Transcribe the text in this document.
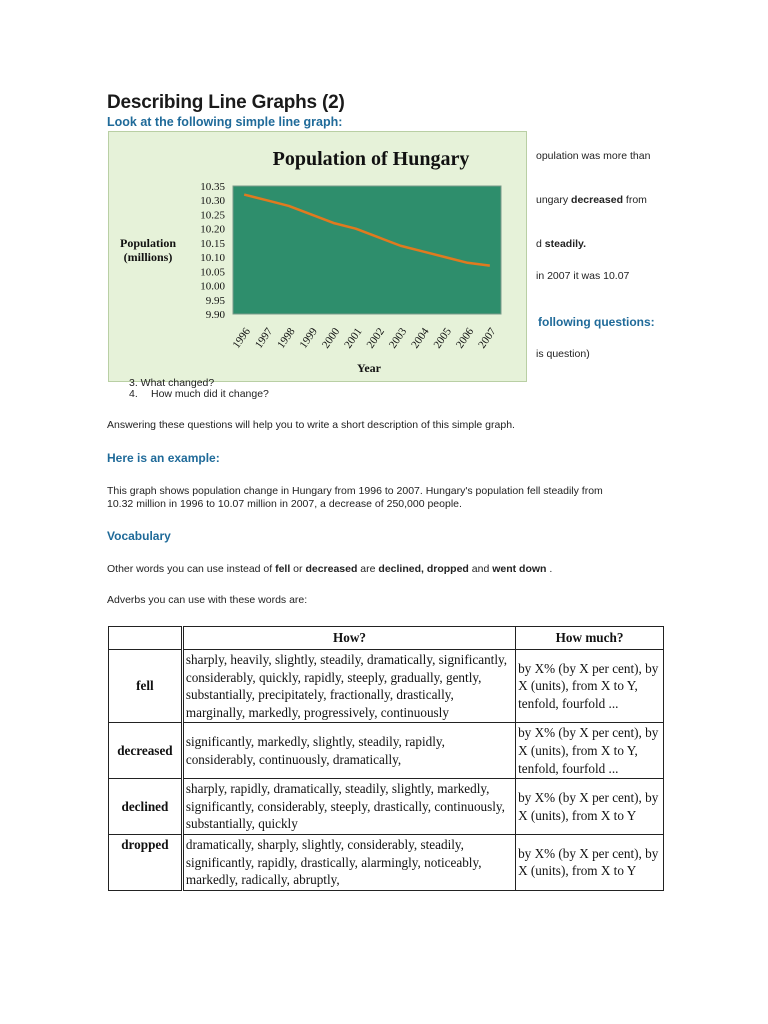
Describing Line Graphs (2)
Look at the following simple line graph:
opulation was more than
ungary decreased from
d steadily.
in 2007 it was 10.07
following questions:
is question)
Population of Hungary
10.35
10.30
10.25
10.20
10.15
10.10
10.05
10.00
9.95
9.90
Population
(millions)
1996 1997 1998 1999 2000 2001 2002 2003 2004 2005 2006 2007
Year
3. What changed?
4. How much did it change?
Answering these questions will help you to write a short description of this simple graph.
Here is an example:
This graph shows population change in Hungary from 1996 to 2007. Hungary's population fell steadily from
10.32 million in 1996 to 10.07 million in 2007, a decrease of 250,000 people.
Vocabulary
Other words you can use instead of fell or decreased are declined, dropped and went down .
Adverbs you can use with these words are:
	How?	How much?
fell	sharply, heavily, slightly, steadily, dramatically, significantly, considerably, quickly, rapidly, steeply, gradually, gently, substantially, precipitately, fractionally, drastically, marginally, markedly, progressively, continuously	by X% (by X per cent), by X (units), from X to Y, tenfold, fourfold ...
decreased	significantly, markedly, slightly, steadily, rapidly, considerably, continuously, dramatically,	by X% (by X per cent), by X (units), from X to Y, tenfold, fourfold ...
declined	sharply, rapidly, dramatically, steadily, slightly, markedly, significantly, considerably, steeply, drastically, continuously, substantially, quickly	by X% (by X per cent), by X (units), from X to Y
dropped	dramatically, sharply, slightly, considerably, steadily, significantly, rapidly, drastically, alarmingly, noticeably, markedly, radically, abruptly,	by X% (by X per cent), by X (units), from X to Y
